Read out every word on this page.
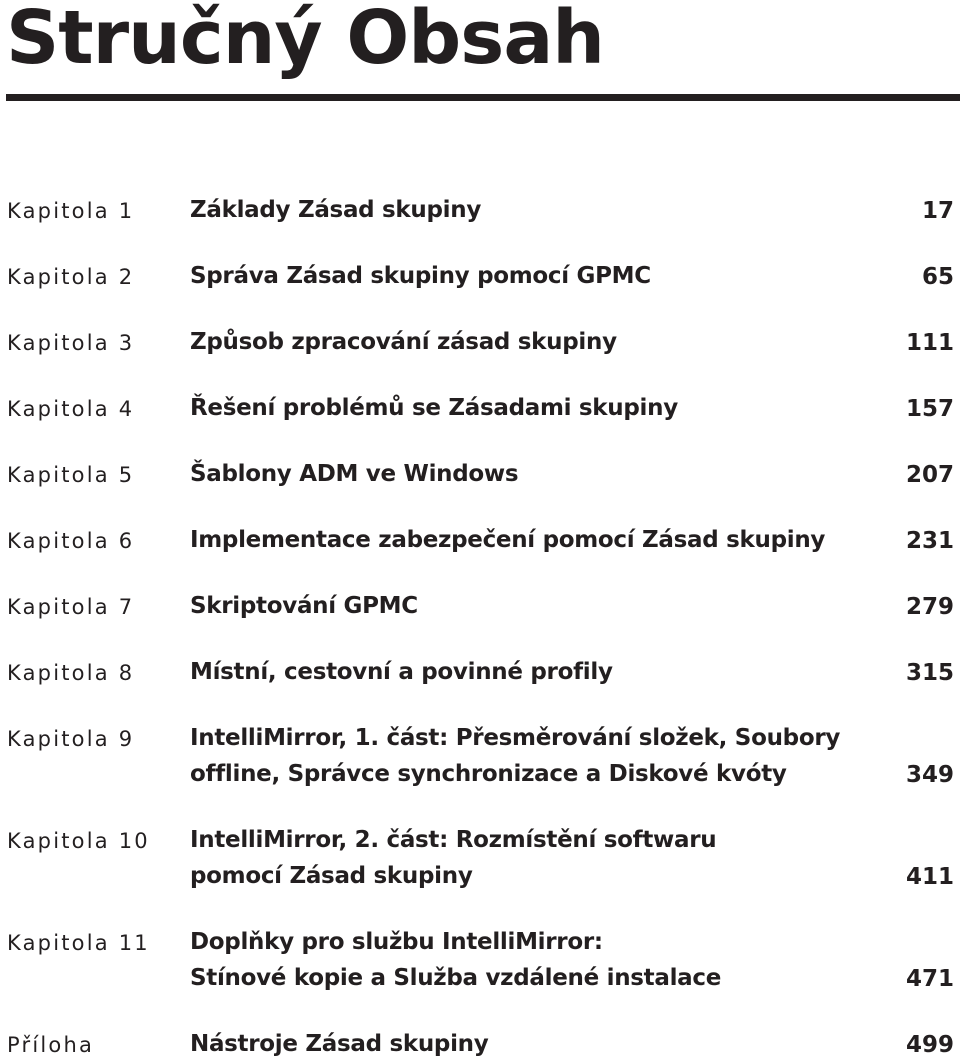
Stručný Obsah
Kapitola 1 Základy Zásad skupiny	17
Kapitola 2 Správa Zásad skupiny pomocí GPMC	65
Kapitola 3 Způsob zpracování zásad skupiny	111
Kapitola 4 Řešení problémů se Zásadami skupiny	157
Kapitola 5 Šablony ADM ve Windows	207
Kapitola 6 Implementace zabezpečení pomocí Zásad skupiny	231
Kapitola 7 Skriptování GPMC	279
Kapitola 8 Místní, cestovní a povinné profily	315
Kapitola 9 IntelliMirror, 1. část: Přesměrování složek, Soubory
offline, Správce synchronizace a Diskové kvóty	349
Kapitola 10 IntelliMirror, 2. část: Rozmístění softwaru
pomocí Zásad skupiny	411
Kapitola 11 Doplňky pro službu IntelliMirror:
Stínové kopie a Služba vzdálené instalace	471
Příloha	Nástroje Zásad skupiny	499
